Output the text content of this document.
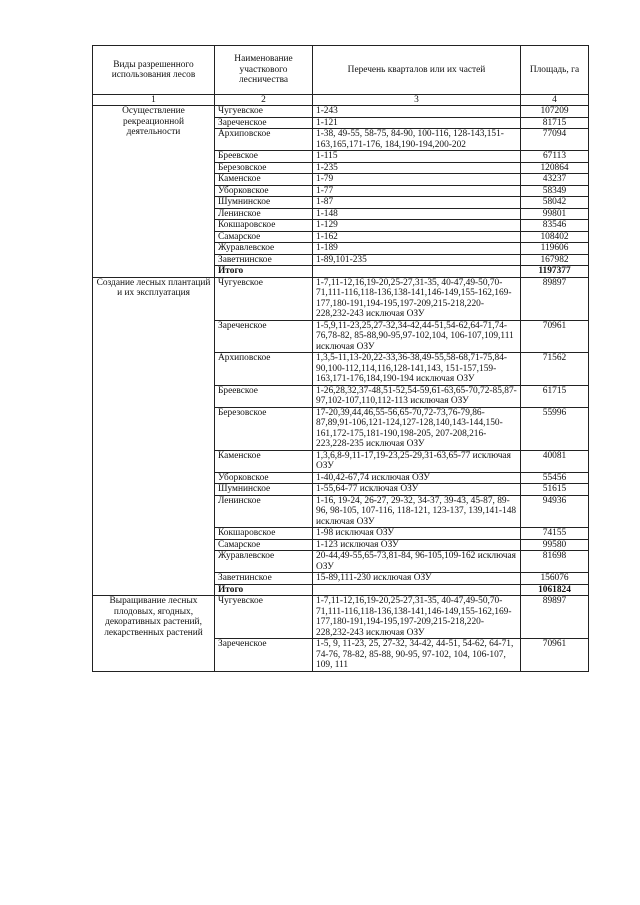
Виды разрешенного использования лесов	Наименование участкового лесничества	Перечень кварталов или их частей	Площадь, га
1	2	3	4
Осуществление рекреационной деятельности	Чугуевское	1-243	107209
	Зареченское	1-121	81715
	Архиповское	1-38, 49-55, 58-75, 84-90, 100-116, 128-143,151-163,165,171-176, 184,190-194,200-202	77094
	Бреевское	1-115	67113
	Березовское	1-235	120864
	Каменское	1-79	43237
	Уборковское	1-77	58349
	Шумнинское	1-87	58042
	Ленинское	1-148	99801
	Кокшаровское	1-129	83546
	Самарское	1-162	108402
	Журавлевское	1-189	119606
	Заветнинское	1-89,101-235	167982
	Итого		1197377
Создание лесных плантаций и их эксплуатация	Чугуевское	1-7,11-12,16,19-20,25-27,31-35, 40-47,49-50,70-71,111-116,118-136,138-141,146-149,155-162,169-177,180-191,194-195,197-209,215-218,220-228,232-243 исключая ОЗУ	89897
	Зареченское	1-5,9,11-23,25,27-32,34-42,44-51,54-62,64-71,74-76,78-82, 85-88,90-95,97-102,104, 106-107,109,111 исключая ОЗУ	70961
	Архиповское	1,3,5-11,13-20,22-33,36-38,49-55,58-68,71-75,84-90,100-112,114,116,128-141,143, 151-157,159-163,171-176,184,190-194 исключая ОЗУ	71562
	Бреевское	1-26,28,32,37-48,51-52,54-59,61-63,65-70,72-85,87-97,102-107,110,112-113 исключая ОЗУ	61715
	Березовское	17-20,39,44,46,55-56,65-70,72-73,76-79,86-87,89,91-106,121-124,127-128,140,143-144,150-161,172-175,181-190,198-205, 207-208,216-223,228-235 исключая ОЗУ	55996
	Каменское	1,3,6,8-9,11-17,19-23,25-29,31-63,65-77 исключая ОЗУ	40081
	Уборковское	1-40,42-67,74 исключая ОЗУ	55456
	Шумнинское	1-55,64-77 исключая ОЗУ	51615
	Ленинское	1-16, 19-24, 26-27, 29-32, 34-37, 39-43, 45-87, 89-96, 98-105, 107-116, 118-121, 123-137, 139,141-148 исключая ОЗУ	94936
	Кокшаровское	1-98 исключая ОЗУ	74155
	Самарское	1-123 исключая ОЗУ	99580
	Журавлевское	20-44,49-55,65-73,81-84, 96-105,109-162 исключая ОЗУ	81698
	Заветнинское	15-89,111-230 исключая ОЗУ	156076
	Итого		1061824
Выращивание лесных плодовых, ягодных, декоративных растений, лекарственных растений	Чугуевское	1-7,11-12,16,19-20,25-27,31-35, 40-47,49-50,70-71,111-116,118-136,138-141,146-149,155-162,169-177,180-191,194-195,197-209,215-218,220-228,232-243 исключая ОЗУ	89897
	Зареченское	1-5, 9, 11-23, 25, 27-32, 34-42, 44-51, 54-62, 64-71, 74-76, 78-82, 85-88, 90-95, 97-102, 104, 106-107, 109, 111	70961
